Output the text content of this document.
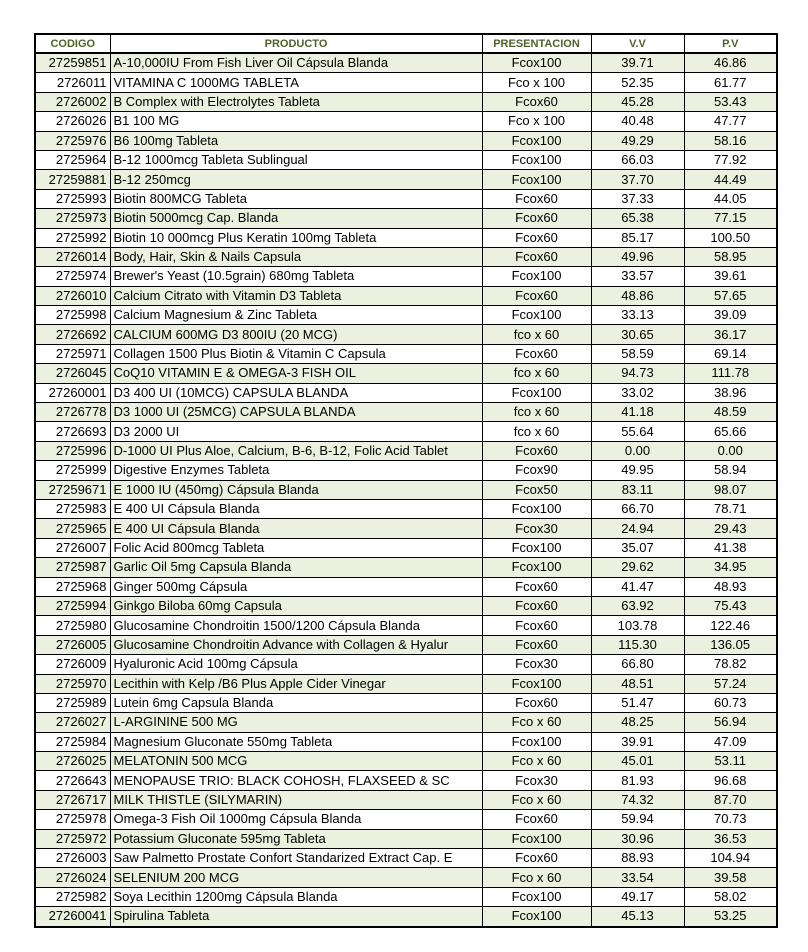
CODIGO	PRODUCTO	PRESENTACION	V.V	P.V
27259851	A-10,000IU From Fish Liver Oil Cápsula Blanda	Fcox100	39.71	46.86
2726011	VITAMINA C 1000MG TABLETA	Fco x 100	52.35	61.77
2726002	B Complex with Electrolytes Tableta	Fcox60	45.28	53.43
2726026	B1 100 MG	Fco x 100	40.48	47.77
2725976	B6 100mg Tableta	Fcox100	49.29	58.16
2725964	B-12 1000mcg Tableta Sublingual	Fcox100	66.03	77.92
27259881	B-12 250mcg	Fcox100	37.70	44.49
2725993	Biotin 800MCG Tableta	Fcox60	37.33	44.05
2725973	Biotin 5000mcg Cap. Blanda	Fcox60	65.38	77.15
2725992	Biotin 10 000mcg Plus Keratin 100mg Tableta	Fcox60	85.17	100.50
2726014	Body, Hair, Skin & Nails Capsula	Fcox60	49.96	58.95
2725974	Brewer's Yeast (10.5grain) 680mg Tableta	Fcox100	33.57	39.61
2726010	Calcium Citrato with Vitamin D3 Tableta	Fcox60	48.86	57.65
2725998	Calcium Magnesium & Zinc Tableta	Fcox100	33.13	39.09
2726692	CALCIUM 600MG D3 800IU (20 MCG)	fco x 60	30.65	36.17
2725971	Collagen 1500 Plus Biotin & Vitamin C Capsula	Fcox60	58.59	69.14
2726045	CoQ10 VITAMIN E & OMEGA-3 FISH OIL	fco x 60	94.73	111.78
27260001	D3 400 UI (10MCG) CAPSULA BLANDA	Fcox100	33.02	38.96
2726778	D3 1000 UI (25MCG) CAPSULA BLANDA	fco x 60	41.18	48.59
2726693	D3 2000 UI	fco x 60	55.64	65.66
2725996	D-1000 UI Plus Aloe, Calcium, B-6, B-12, Folic Acid Tablet	Fcox60	0.00	0.00
2725999	Digestive Enzymes Tableta	Fcox90	49.95	58.94
27259671	E 1000 IU (450mg) Cápsula Blanda	Fcox50	83.11	98.07
2725983	E 400 UI Cápsula Blanda	Fcox100	66.70	78.71
2725965	E 400 UI Cápsula Blanda	Fcox30	24.94	29.43
2726007	Folic Acid 800mcg Tableta	Fcox100	35.07	41.38
2725987	Garlic Oil 5mg Capsula Blanda	Fcox100	29.62	34.95
2725968	Ginger 500mg Cápsula	Fcox60	41.47	48.93
2725994	Ginkgo Biloba 60mg Capsula	Fcox60	63.92	75.43
2725980	Glucosamine Chondroitin 1500/1200 Cápsula Blanda	Fcox60	103.78	122.46
2726005	Glucosamine Chondroitin Advance with Collagen & Hyalur	Fcox60	115.30	136.05
2726009	Hyaluronic Acid 100mg Cápsula	Fcox30	66.80	78.82
2725970	Lecithin with Kelp /B6 Plus Apple Cider Vinegar	Fcox100	48.51	57.24
2725989	Lutein 6mg Capsula Blanda	Fcox60	51.47	60.73
2726027	L-ARGININE 500 MG	Fco x 60	48.25	56.94
2725984	Magnesium Gluconate 550mg Tableta	Fcox100	39.91	47.09
2726025	MELATONIN 500 MCG	Fco x 60	45.01	53.11
2726643	MENOPAUSE TRIO: BLACK COHOSH, FLAXSEED & SC	Fcox30	81.93	96.68
2726717	MILK THISTLE (SILYMARIN)	Fco x 60	74.32	87.70
2725978	Omega-3 Fish Oil 1000mg Cápsula Blanda	Fcox60	59.94	70.73
2725972	Potassium Gluconate 595mg Tableta	Fcox100	30.96	36.53
2726003	Saw Palmetto Prostate Confort Standarized Extract Cap. E	Fcox60	88.93	104.94
2726024	SELENIUM 200 MCG	Fco x 60	33.54	39.58
2725982	Soya Lecithin 1200mg Cápsula Blanda	Fcox100	49.17	58.02
27260041	Spirulina Tableta	Fcox100	45.13	53.25
